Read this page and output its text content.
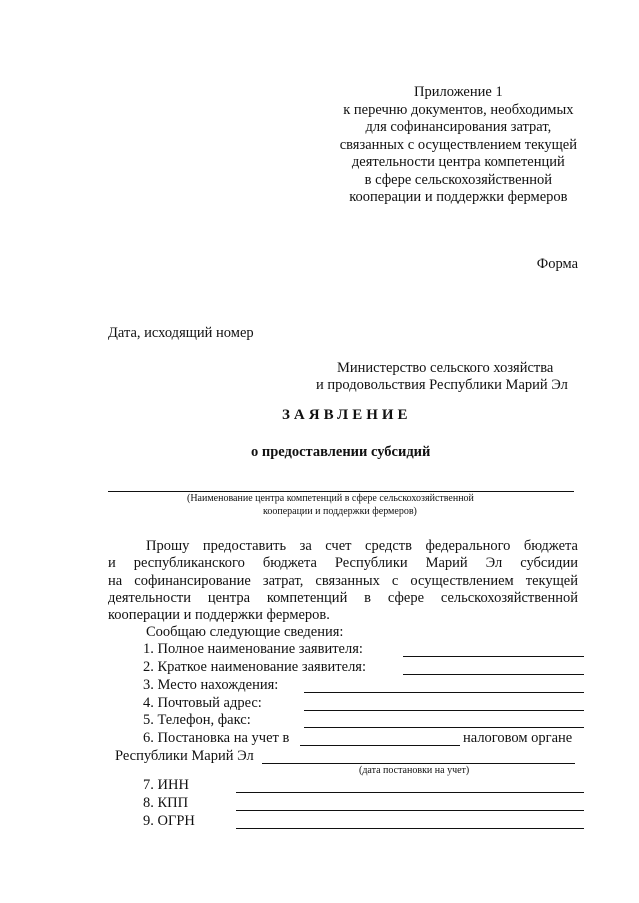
Приложение 1
к перечню документов, необходимых
для софинансирования затрат,
связанных с осуществлением текущей
деятельности центра компетенций
в сфере сельскохозяйственной
кооперации и поддержки фермеров
Форма
Дата, исходящий номер
Министерство сельского хозяйства
и продовольствия Республики Марий Эл
ЗАЯВЛЕНИЕ
о предоставлении субсидий
(Наименование центра компетенций в сфере сельскохозяйственной
кооперации и поддержки фермеров)
Прошу предоставить за счет средств федерального бюджета
и республиканского бюджета Республики Марий Эл субсидии
на софинансирование затрат, связанных с осуществлением текущей
деятельности центра компетенций в сфере сельскохозяйственной
кооперации и поддержки фермеров.
Сообщаю следующие сведения:
1. Полное наименование заявителя:
2. Краткое наименование заявителя:
3. Место нахождения:
4. Почтовый адрес:
5. Телефон, факс:
6. Постановка на учет в	налоговом органе
Республики Марий Эл
(дата постановки на учет)
7. ИНН
8. КПП
9. ОГРН
